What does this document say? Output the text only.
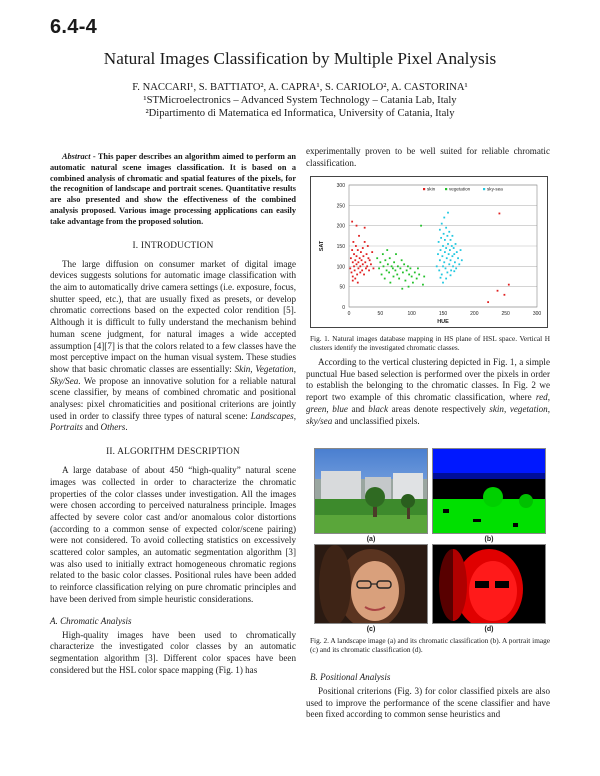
6.4-4
Natural Images Classification by Multiple Pixel Analysis
F. NACCARI¹, S. BATTIATO², A. CAPRA¹, S. CARIOLO², A. CASTORINA¹
¹STMicroelectronics – Advanced System Technology – Catania Lab, Italy
²Dipartimento di Matematica ed Informatica, University of Catania, Italy

Abstract - This paper describes an algorithm aimed to perform an automatic natural scene images classification. It is based on a combined analysis of chromatic and spatial features of the pixels, for the recognition of landscape and portrait scenes. Quantitative results are also presented and show the effectiveness of the combined analysis proposed. Various image processing applications can easily take advantage from the proposed solution.

I. INTRODUCTION

The large diffusion on consumer market of digital image devices suggests solutions for automatic image classification with the aim to automatically drive camera settings (i.e. exposure, focus, shutter speed, etc.), that are usually fixed as presets, or develop chromatic corrections based on the expected color rendition [5]. Although it is difficult to fully understand the mechanism behind human scene judgment, for natural images a wide accepted assumption [4][7] is that the colors related to a few classes have the most perceptive impact on the human visual system. These studies show that basic chromatic classes are essentially: Skin, Vegetation, Sky/Sea. We propose an innovative solution for a reliable natural scene classifier, by means of combined chromatic and positional analyses: pixel chromaticities and positional criterions are jointly used in order to classify three types of natural scene: Landscapes, Portraits and Others.

II. ALGORITHM DESCRIPTION

A large database of about 450 “high-quality” natural scene images was collected in order to characterize the chromatic properties of the color classes under investigation. All the images were chosen according to perceived naturalness principle. Images affected by severe color cast and/or anomalous color distortions (according to a common sense of expected color/scene pairing) were not considered. To avoid collecting statistics on excessively scattered color samples, an automatic segmentation algorithm [3] was also used to initially extract homogeneous chromatic regions related to the basic color classes. Positional rules have been added to reinforce classification relying on pure chromatic principles and have been derived from simple heuristic considerations.

A. Chromatic Analysis

High-quality images have been used to chromatically characterize the investigated color classes by an automatic segmentation algorithm [3]. Different color spaces have been considered but the HSL color space mapping (Fig. 1) has

experimentally proven to be well suited for reliable chromatic classification.

0
50
100
150
200
250
300
0	50	100	150	200	250	300
HUE
SAT
skin	vegetation	sky-sea

Fig. 1. Natural images database mapping in HS plane of HSL space. Vertical H clusters identify the investigated chromatic classes.

According to the vertical clustering depicted in Fig. 1, a simple punctual Hue based selection is performed over the pixels in order to establish the belonging to the chromatic classes. In Fig. 2 we report two example of this chromatic classification, where red, green, blue and black areas denote respectively skin, vegetation, sky/sea and unclassified pixels.

(a)	(b)
(c)	(d)

Fig. 2. A landscape image (a) and its chromatic classification (b). A portrait image (c) and its chromatic classification (d).

B. Positional Analysis

Positional criterions (Fig. 3) for color classified pixels are also used to improve the performance of the scene classifier and have been fixed according to common sense heuristics and
